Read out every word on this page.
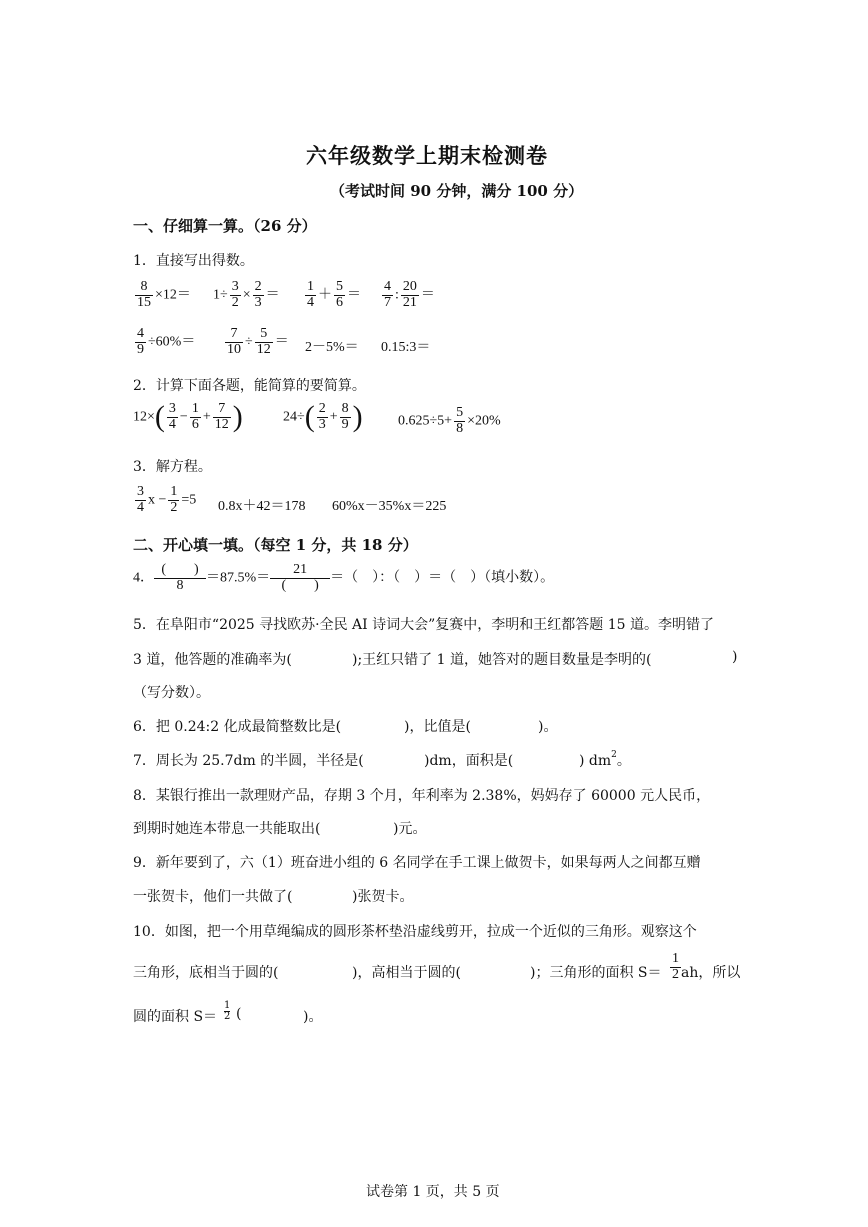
六年级数学上期末检测卷
（考试时间 90 分钟，满分 100 分）
一、仔细算一算。（26 分）
1．直接写出得数。
$\frac{8}{15} \times 12= 1\div \frac{3}{2} \times \frac{2}{3} = \frac{1}{4} + \frac{5}{6} = \frac{4}{7}$ : $\frac{20}{21}$ ＝
$\frac{4}{9} \div 60\%= \frac{7}{10} \div \frac{5}{12} = 2-5\%=$ 0.15:3＝
2．计算下面各题，能简算的要简算。
$12\times( \frac{3}{4} - \frac{1}{6} + \frac{7}{12}$ )	$24\div( \frac{2}{3} + \frac{8}{9}$ )	$0.625\div 5+ \frac{5}{8} \times 20\%$
3．解方程。
$\frac{3}{4}$ $x - \frac{1}{2} =5$ 0.8x＋42＝178 60%x－35%x＝225
二、开心填一填。（每空 1 分，共 18 分）
4． $\frac{( )}{8} =87.5\%= \frac{21}{( )}$ ＝（　）：（　）＝（　）（填小数）。
5．在阜阳市“2025 寻找欧苏·全民 AI 诗词大会”复赛中，李明和王红都答题 15 道。李明错了
3 道，他答题的准确率为(	);王红只错了 1 道，她答对的题目数量是李明的(	)
（写分数）。
6．把 0.24:2 化成最简整数比是(	)，比值是(	)。
7．周长为 25.7dm 的半圆，半径是(	)dm，面积是(	) $dm^2$。
8．某银行推出一款理财产品，存期 3 个月，年利率为 2.38%，妈妈存了 60000 元人民币，
到期时她连本带息一共能取出(	)元。
9．新年要到了，六（1）班奋进小组的 6 名同学在手工课上做贺卡，如果每两人之间都互赠
一张贺卡，他们一共做了(	)张贺卡。
10．如图，把一个用草绳编成的圆形茶杯垫沿虚线剪开，拉成一个近似的三角形。观察这个
三角形，底相当于圆的(	)，高相当于圆的(	)；三角形的面积 $S= \frac{1}{2}$ ah，所以
圆的面积 $S= \frac{1}{2}$ (	)。
试卷第 1 页，共 5 页
